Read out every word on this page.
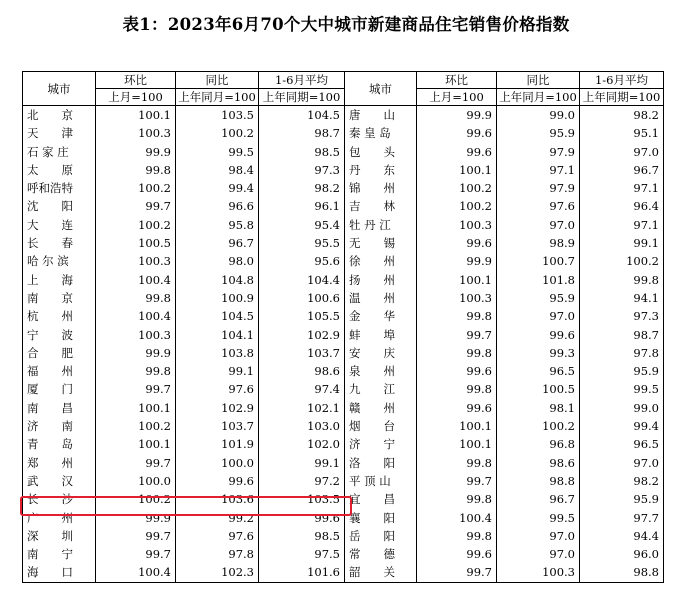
表1：2023年6月70个大中城市新建商品住宅销售价格指数
城市	环比	同比	1-6月平均	城市	环比	同比	1-6月平均
	上月=100	上年同月=100	上年同期=100		上月=100	上年同月=100	上年同期=100
北　　京	100.1	103.5	104.5	唐　　山	99.9	99.0	98.2
天　　津	100.3	100.2	98.7	秦 皇 岛	99.6	95.9	95.1
石 家 庄	99.9	99.5	98.5	包　　头	99.6	97.9	97.0
太　　原	99.8	98.4	97.3	丹　　东	100.1	97.1	96.7
呼和浩特	100.2	99.4	98.2	锦　　州	100.2	97.9	97.1
沈　　阳	99.7	96.6	96.1	吉　　林	100.2	97.6	96.4
大　　连	100.2	95.8	95.4	牡 丹 江	100.3	97.0	97.1
长　　春	100.5	96.7	95.5	无　　锡	99.6	98.9	99.1
哈 尔 滨	100.3	98.0	95.6	徐　　州	99.9	100.7	100.2
上　　海	100.4	104.8	104.4	扬　　州	100.1	101.8	99.8
南　　京	99.8	100.9	100.6	温　　州	100.3	95.9	94.1
杭　　州	100.4	104.5	105.5	金　　华	99.8	97.0	97.3
宁　　波	100.3	104.1	102.9	蚌　　埠	99.7	99.6	98.7
合　　肥	99.9	103.8	103.7	安　　庆	99.8	99.3	97.8
福　　州	99.8	99.1	98.6	泉　　州	99.6	96.5	95.9
厦　　门	99.7	97.6	97.4	九　　江	99.8	100.5	99.5
南　　昌	100.1	102.9	102.1	赣　　州	99.6	98.1	99.0
济　　南	100.2	103.7	103.0	烟　　台	100.1	100.2	99.4
青　　岛	100.1	101.9	102.0	济　　宁	100.1	96.8	96.5
郑　　州	99.7	100.0	99.1	洛　　阳	99.8	98.6	97.0
武　　汉	100.0	99.6	97.2	平 顶 山	99.7	98.8	98.2
长　　沙	100.2	103.6	103.5	宜　　昌	99.8	96.7	95.9
广　　州	99.9	99.2	99.6	襄　　阳	100.4	99.5	97.7
深　　圳	99.7	97.6	98.5	岳　　阳	99.8	97.0	94.4
南　　宁	99.7	97.8	97.5	常　　德	99.6	97.0	96.0
海　　口	100.4	102.3	101.6	韶　　关	99.7	100.3	98.8
